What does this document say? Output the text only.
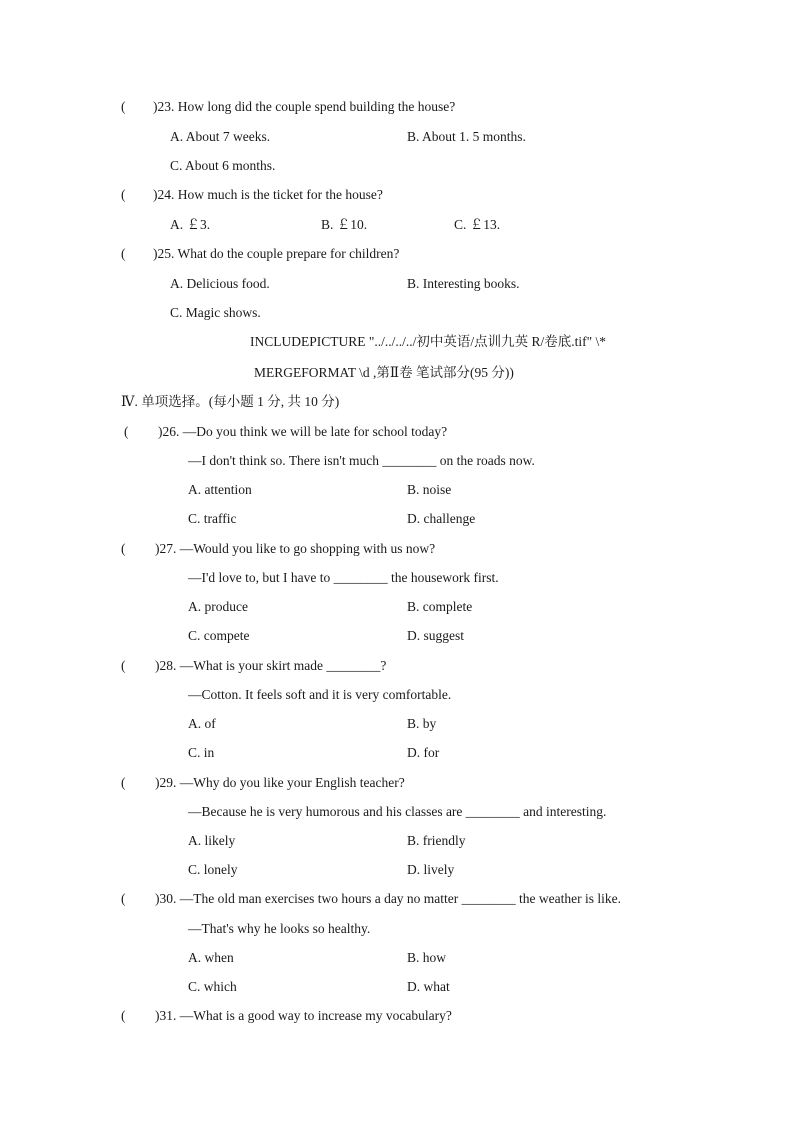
( )23. How long did the couple spend building the house?
A. About 7 weeks.	B. About 1. 5 months.
C. About 6 months.
( )24. How much is the ticket for the house?
A. ￡3.	B. ￡10.	C. ￡13.
( )25. What do the couple prepare for children?
A. Delicious food.	B. Interesting books.
C. Magic shows.
INCLUDEPICTURE "../../../../初中英语/点训九英 R/卷底.tif" \*
MERGEFORMAT \d ,第Ⅱ卷 笔试部分(95 分))
Ⅳ. 单项选择。(每小题 1 分, 共 10 分)
( )26. —Do you think we will be late for school today?
—I don't think so. There isn't much ________ on the roads now.
A. attention	B. noise
C. traffic	D. challenge
( )27. —Would you like to go shopping with us now?
—I'd love to, but I have to ________ the housework first.
A. produce	B. complete
C. compete	D. suggest
( )28. —What is your skirt made ________?
—Cotton. It feels soft and it is very comfortable.
A. of	B. by
C. in	D. for
( )29. —Why do you like your English teacher?
—Because he is very humorous and his classes are ________ and interesting.
A. likely	B. friendly
C. lonely	D. lively
( )30. —The old man exercises two hours a day no matter ________ the weather is like.
—That's why he looks so healthy.
A. when	B. how
C. which	D. what
( )31. —What is a good way to increase my vocabulary?
